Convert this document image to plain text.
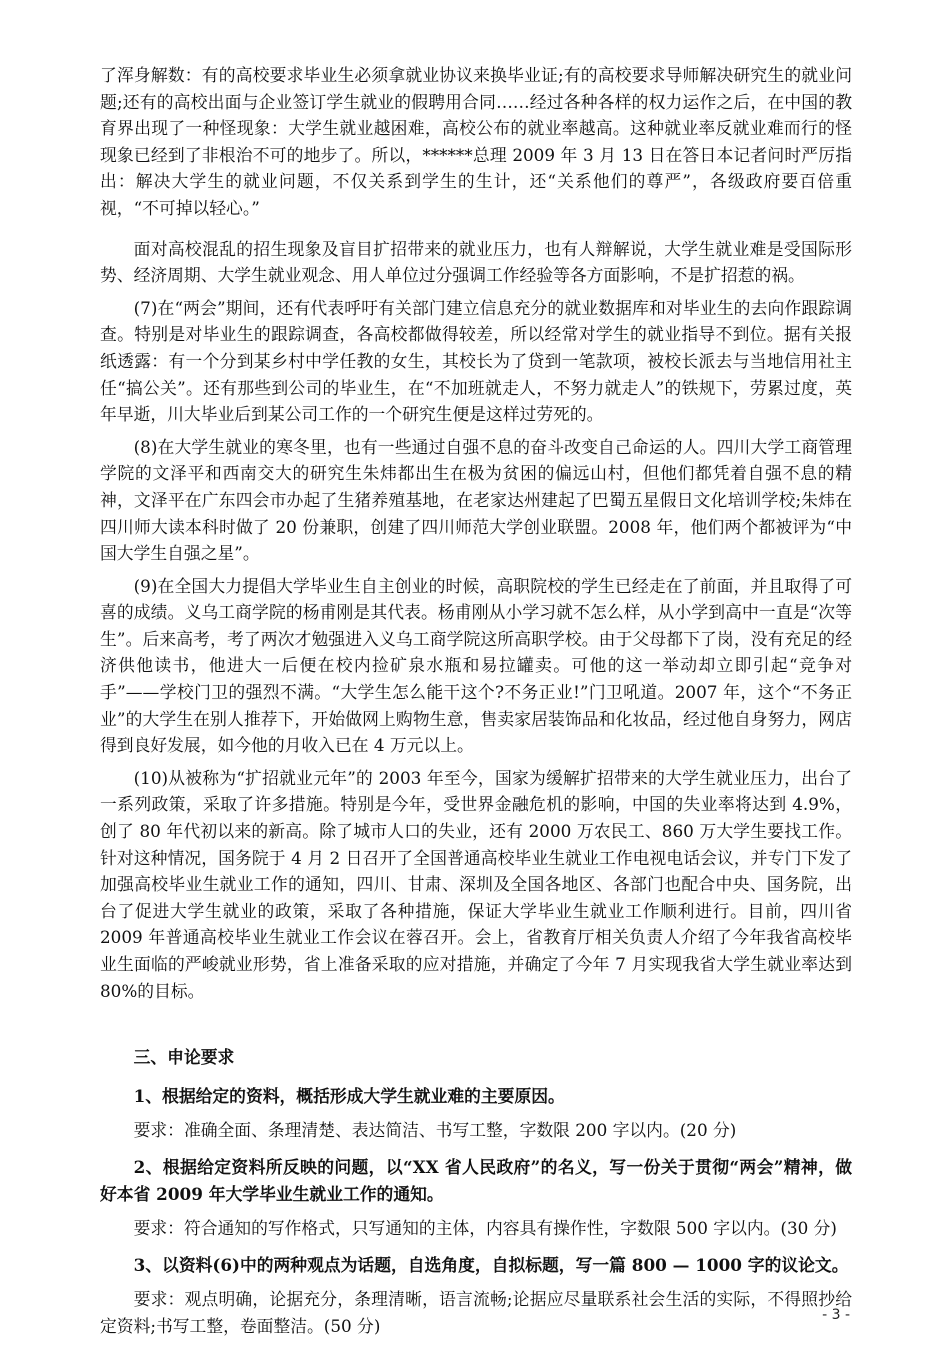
了浑身解数：有的高校要求毕业生必须拿就业协议来换毕业证;有的高校要求导师解决研究生的就业问题;还有的高校出面与企业签订学生就业的假聘用合同……经过各种各样的权力运作之后，在中国的教育界出现了一种怪现象：大学生就业越困难，高校公布的就业率越高。这种就业率反就业难而行的怪现象已经到了非根治不可的地步了。所以，******总理 2009 年 3 月 13 日在答日本记者问时严厉指出：解决大学生的就业问题，不仅关系到学生的生计，还“关系他们的尊严”，各级政府要百倍重视，“不可掉以轻心。”

面对高校混乱的招生现象及盲目扩招带来的就业压力，也有人辩解说，大学生就业难是受国际形势、经济周期、大学生就业观念、用人单位过分强调工作经验等各方面影响，不是扩招惹的祸。

(7)在“两会”期间，还有代表呼吁有关部门建立信息充分的就业数据库和对毕业生的去向作跟踪调查。特别是对毕业生的跟踪调查，各高校都做得较差，所以经常对学生的就业指导不到位。据有关报纸透露：有一个分到某乡村中学任教的女生，其校长为了贷到一笔款项，被校长派去与当地信用社主任“搞公关”。还有那些到公司的毕业生，在“不加班就走人，不努力就走人”的铁规下，劳累过度，英年早逝，川大毕业后到某公司工作的一个研究生便是这样过劳死的。

(8)在大学生就业的寒冬里，也有一些通过自强不息的奋斗改变自己命运的人。四川大学工商管理学院的文泽平和西南交大的研究生朱炜都出生在极为贫困的偏远山村，但他们都凭着自强不息的精神，文泽平在广东四会市办起了生猪养殖基地，在老家达州建起了巴蜀五星假日文化培训学校;朱炜在四川师大读本科时做了 20 份兼职，创建了四川师范大学创业联盟。2008 年，他们两个都被评为“中国大学生自强之星”。

(9)在全国大力提倡大学毕业生自主创业的时候，高职院校的学生已经走在了前面，并且取得了可喜的成绩。义乌工商学院的杨甫刚是其代表。杨甫刚从小学习就不怎么样，从小学到高中一直是“次等生”。后来高考，考了两次才勉强进入义乌工商学院这所高职学校。由于父母都下了岗，没有充足的经济供他读书，他进大一后便在校内捡矿泉水瓶和易拉罐卖。可他的这一举动却立即引起“竞争对手”——学校门卫的强烈不满。“大学生怎么能干这个?不务正业!”门卫吼道。2007 年，这个“不务正业”的大学生在别人推荐下，开始做网上购物生意，售卖家居装饰品和化妆品，经过他自身努力，网店得到良好发展，如今他的月收入已在 4 万元以上。

(10)从被称为“扩招就业元年”的 2003 年至今，国家为缓解扩招带来的大学生就业压力，出台了一系列政策，采取了许多措施。特别是今年，受世界金融危机的影响，中国的失业率将达到 4.9%，创了 80 年代初以来的新高。除了城市人口的失业，还有 2000 万农民工、860 万大学生要找工作。针对这种情况，国务院于 4 月 2 日召开了全国普通高校毕业生就业工作电视电话会议，并专门下发了加强高校毕业生就业工作的通知，四川、甘肃、深圳及全国各地区、各部门也配合中央、国务院，出台了促进大学生就业的政策，采取了各种措施，保证大学毕业生就业工作顺利进行。目前，四川省 2009 年普通高校毕业生就业工作会议在蓉召开。会上，省教育厅相关负责人介绍了今年我省高校毕业生面临的严峻就业形势，省上准备采取的应对措施，并确定了今年 7 月实现我省大学生就业率达到 80%的目标。

三、申论要求

1、根据给定的资料，概括形成大学生就业难的主要原因。

要求：准确全面、条理清楚、表达简洁、书写工整，字数限 200 字以内。(20 分)

2、根据给定资料所反映的问题，以“XX 省人民政府”的名义，写一份关于贯彻“两会”精神，做好本省 2009 年大学毕业生就业工作的通知。

要求：符合通知的写作格式，只写通知的主体，内容具有操作性，字数限 500 字以内。(30 分)

3、以资料(6)中的两种观点为话题，自选角度，自拟标题，写一篇 800 — 1000 字的议论文。

要求：观点明确，论据充分，条理清晰，语言流畅;论据应尽量联系社会生活的实际，不得照抄给定资料;书写工整，卷面整洁。(50 分)

- 3 -
